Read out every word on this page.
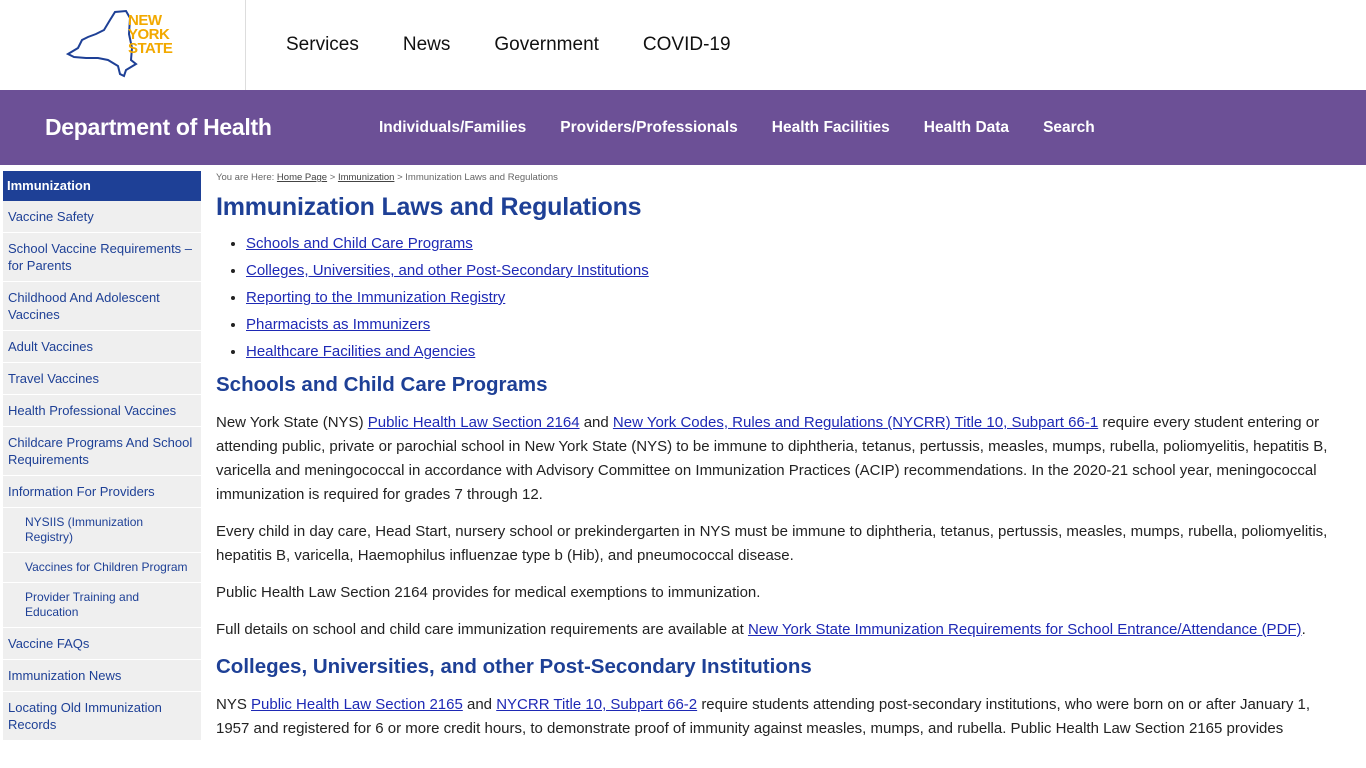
NEW
YORK
STATE	Services News Government COVID-19
Department of Health	Individuals/Families Providers/Professionals Health Facilities Health Data Search
Immunization
Vaccine Safety
School Vaccine Requirements – for Parents
Childhood And Adolescent Vaccines
Adult Vaccines
Travel Vaccines
Health Professional Vaccines
Childcare Programs And School Requirements
Information For Providers
NYSIIS (Immunization Registry)
Vaccines for Children Program
Provider Training and Education
Vaccine FAQs
Immunization News
Locating Old Immunization Records
You are Here: Home Page > Immunization > Immunization Laws and Regulations
Immunization Laws and Regulations
• Schools and Child Care Programs
• Colleges, Universities, and other Post-Secondary Institutions
• Reporting to the Immunization Registry
• Pharmacists as Immunizers
• Healthcare Facilities and Agencies
Schools and Child Care Programs

New York State (NYS) Public Health Law Section 2164 and New York Codes, Rules and Regulations (NYCRR) Title 10, Subpart 66-1 require every student entering or attending public, private or parochial school in New York State (NYS) to be immune to diphtheria, tetanus, pertussis, measles, mumps, rubella, poliomyelitis, hepatitis B, varicella and meningococcal in accordance with Advisory Committee on Immunization Practices (ACIP) recommendations. In the 2020-21 school year, meningococcal immunization is required for grades 7 through 12.

Every child in day care, Head Start, nursery school or prekindergarten in NYS must be immune to diphtheria, tetanus, pertussis, measles, mumps, rubella, poliomyelitis, hepatitis B, varicella, Haemophilus influenzae type b (Hib), and pneumococcal disease.

Public Health Law Section 2164 provides for medical exemptions to immunization.

Full details on school and child care immunization requirements are available at New York State Immunization Requirements for School Entrance/Attendance (PDF).

Colleges, Universities, and other Post-Secondary Institutions

NYS Public Health Law Section 2165 and NYCRR Title 10, Subpart 66-2 require students attending post-secondary institutions, who were born on or after January 1, 1957 and registered for 6 or more credit hours, to demonstrate proof of immunity against measles, mumps, and rubella. Public Health Law Section 2165 provides
